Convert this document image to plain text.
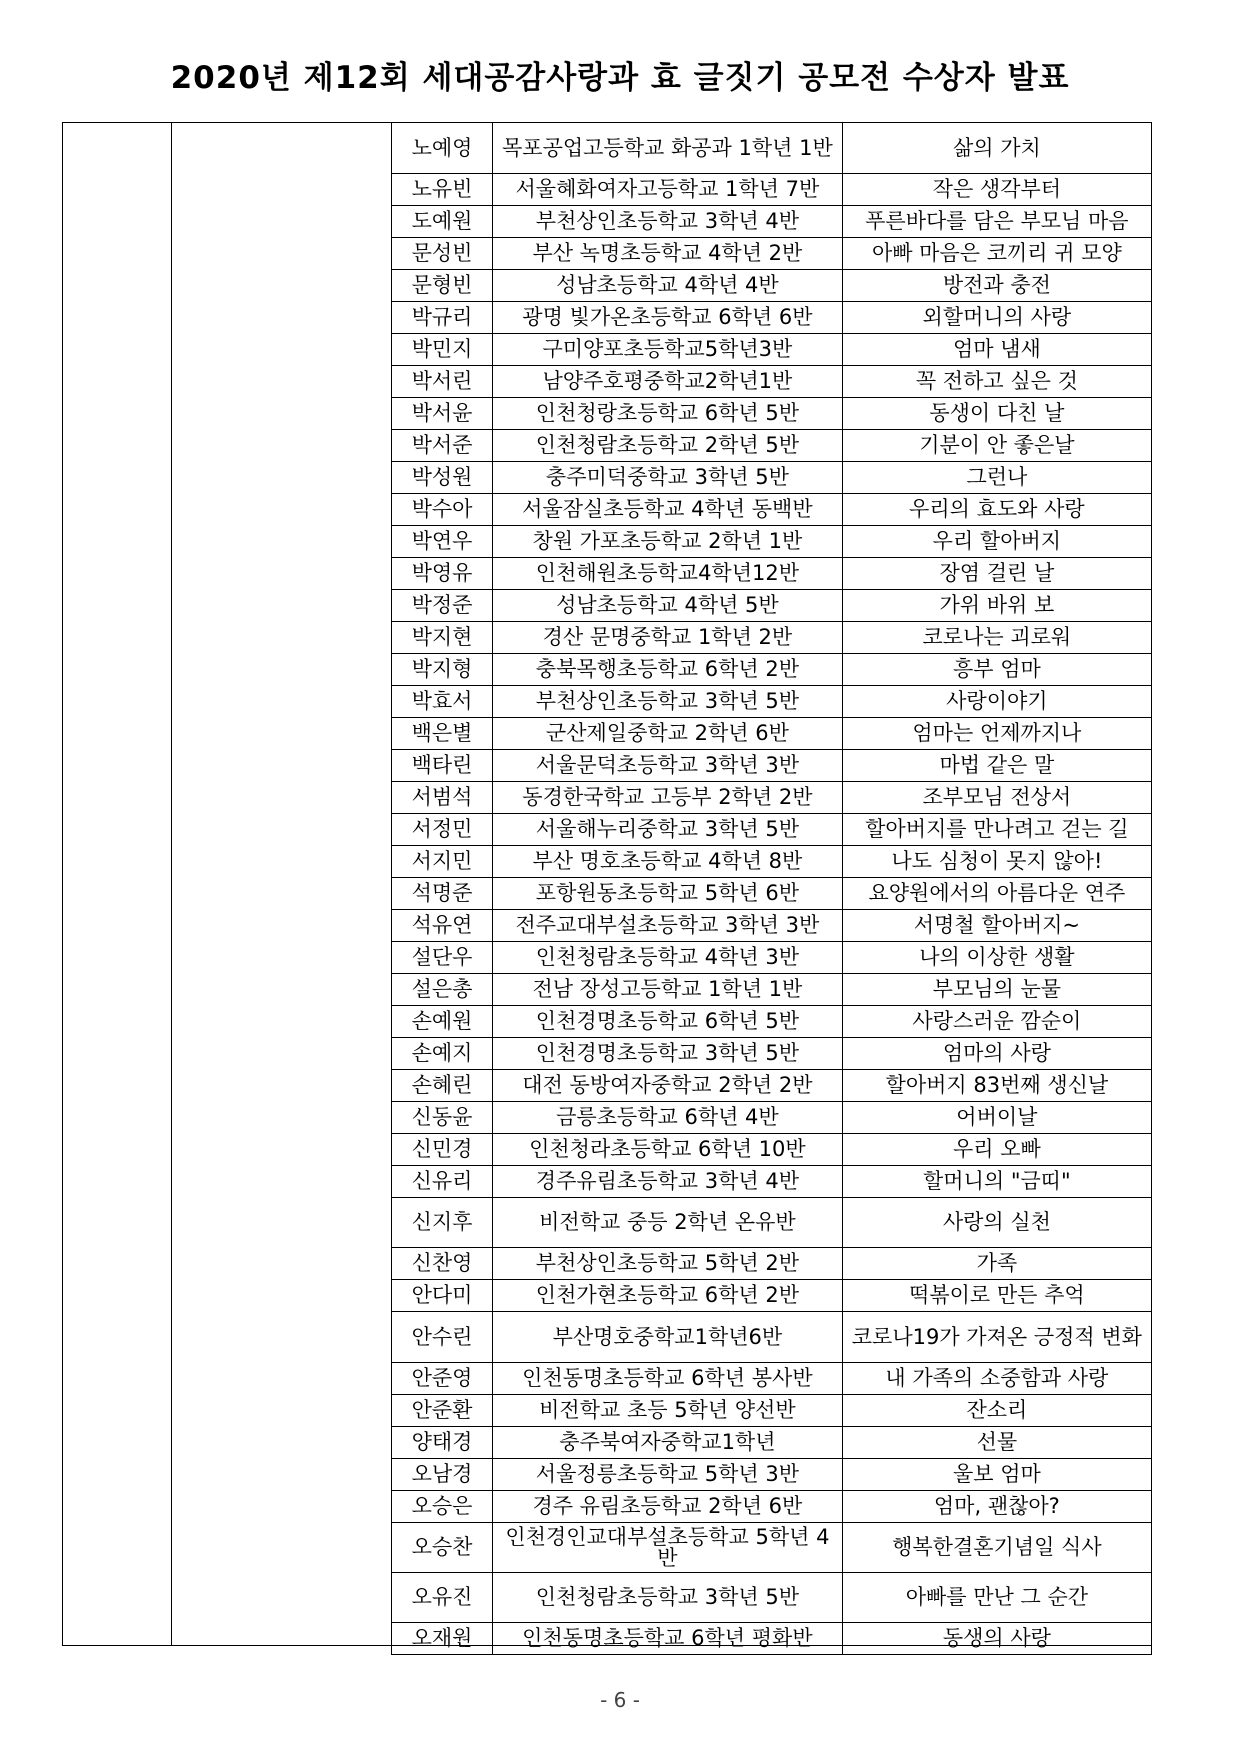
2020년 제12회 세대공감사랑과 효 글짓기 공모전 수상자 발표
노예영	목포공업고등학교 화공과 1학년 1반	삶의 가치
노유빈	서울혜화여자고등학교 1학년 7반	작은 생각부터
도예원	부천상인초등학교 3학년 4반	푸른바다를 담은 부모님 마음
문성빈	부산 녹명초등학교 4학년 2반	아빠 마음은 코끼리 귀 모양
문형빈	성남초등학교 4학년 4반	방전과 충전
박규리	광명 빛가온초등학교 6학년 6반	외할머니의 사랑
박민지	구미양포초등학교5학년3반	엄마 냄새
박서린	남양주호평중학교2학년1반	꼭 전하고 싶은 것
박서윤	인천청랑초등학교 6학년 5반	동생이 다친 날
박서준	인천청람초등학교 2학년 5반	기분이 안 좋은날
박성원	충주미덕중학교 3학년 5반	그런나
박수아	서울잠실초등학교 4학년 동백반	우리의 효도와 사랑
박연우	창원 가포초등학교 2학년 1반	우리 할아버지
박영유	인천해원초등학교4학년12반	장염 걸린 날
박정준	성남초등학교 4학년 5반	가위 바위 보
박지현	경산 문명중학교 1학년 2반	코로나는 괴로워
박지형	충북목행초등학교 6학년 2반	흥부 엄마
박효서	부천상인초등학교 3학년 5반	사랑이야기
백은별	군산제일중학교 2학년 6반	엄마는 언제까지나
백타린	서울문덕초등학교 3학년 3반	마법 같은 말
서범석	동경한국학교 고등부 2학년 2반	조부모님 전상서
서정민	서울해누리중학교 3학년 5반	할아버지를 만나려고 걷는 길
서지민	부산 명호초등학교 4학년 8반	나도 심청이 못지 않아!
석명준	포항원동초등학교 5학년 6반	요양원에서의 아름다운 연주
석유연	전주교대부설초등학교 3학년 3반	서명철 할아버지~
설단우	인천청람초등학교 4학년 3반	나의 이상한 생활
설은총	전남 장성고등학교 1학년 1반	부모님의 눈물
손예원	인천경명초등학교 6학년 5반	사랑스러운 깜순이
손예지	인천경명초등학교 3학년 5반	엄마의 사랑
손혜린	대전 동방여자중학교 2학년 2반	할아버지 83번째 생신날
신동윤	금릉초등학교 6학년 4반	어버이날
신민경	인천청라초등학교 6학년 10반	우리 오빠
신유리	경주유림초등학교 3학년 4반	할머니의 "금띠"
신지후	비전학교 중등 2학년 온유반	사랑의 실천
신찬영	부천상인초등학교 5학년 2반	가족
안다미	인천가현초등학교 6학년 2반	떡볶이로 만든 추억
안수린	부산명호중학교1학년6반	코로나19가 가져온 긍정적 변화
안준영	인천동명초등학교 6학년 봉사반	내 가족의 소중함과 사랑
안준환	비전학교 초등 5학년 양선반	잔소리
양태경	충주북여자중학교1학년	선물
오남경	서울정릉초등학교 5학년 3반	울보 엄마
오승은	경주 유림초등학교 2학년 6반	엄마, 괜찮아?
오승찬	인천경인교대부설초등학교 5학년 4반	행복한결혼기념일 식사
오유진	인천청람초등학교 3학년 5반	아빠를 만난 그 순간
오재원	인천동명초등학교 6학년 평화반	동생의 사랑
- 6 -
